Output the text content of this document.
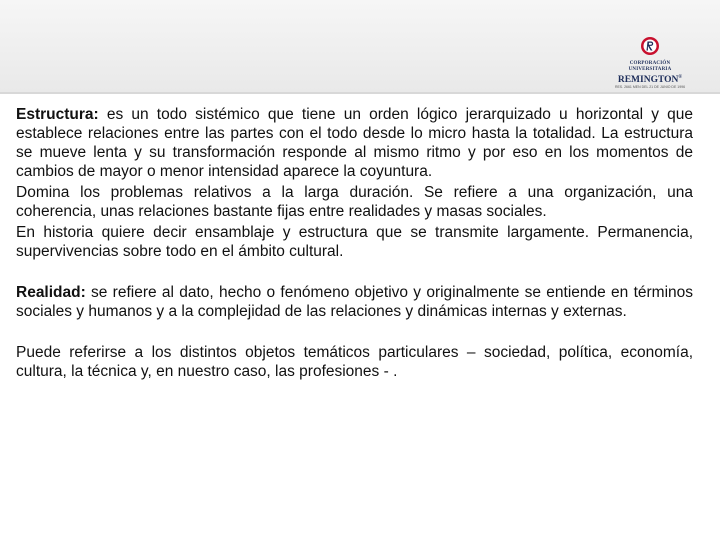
CORPORACIÓN
UNIVERSITARIA
REMINGTON®
RES. 2661 MEN DEL 21 DE JUNIO DE 1996

Estructura: es un todo sistémico que tiene un orden lógico jerarquizado u horizontal y que establece relaciones entre las partes con el todo desde lo micro hasta la totalidad. La estructura se mueve lenta y su transformación responde al mismo ritmo y por eso en los momentos de cambios de mayor o menor intensidad aparece la coyuntura.

Domina los problemas relativos a la larga duración. Se refiere a una organización, una coherencia, unas relaciones bastante fijas entre realidades y masas sociales.

En historia quiere decir ensamblaje y estructura que se transmite largamente. Permanencia, supervivencias sobre todo en el ámbito cultural.

Realidad: se refiere al dato, hecho o fenómeno objetivo y originalmente se entiende en términos sociales y humanos y a la complejidad de las relaciones y dinámicas internas y externas.

Puede referirse a los distintos objetos temáticos particulares – sociedad, política, economía, cultura, la técnica y, en nuestro caso, las profesiones - .
